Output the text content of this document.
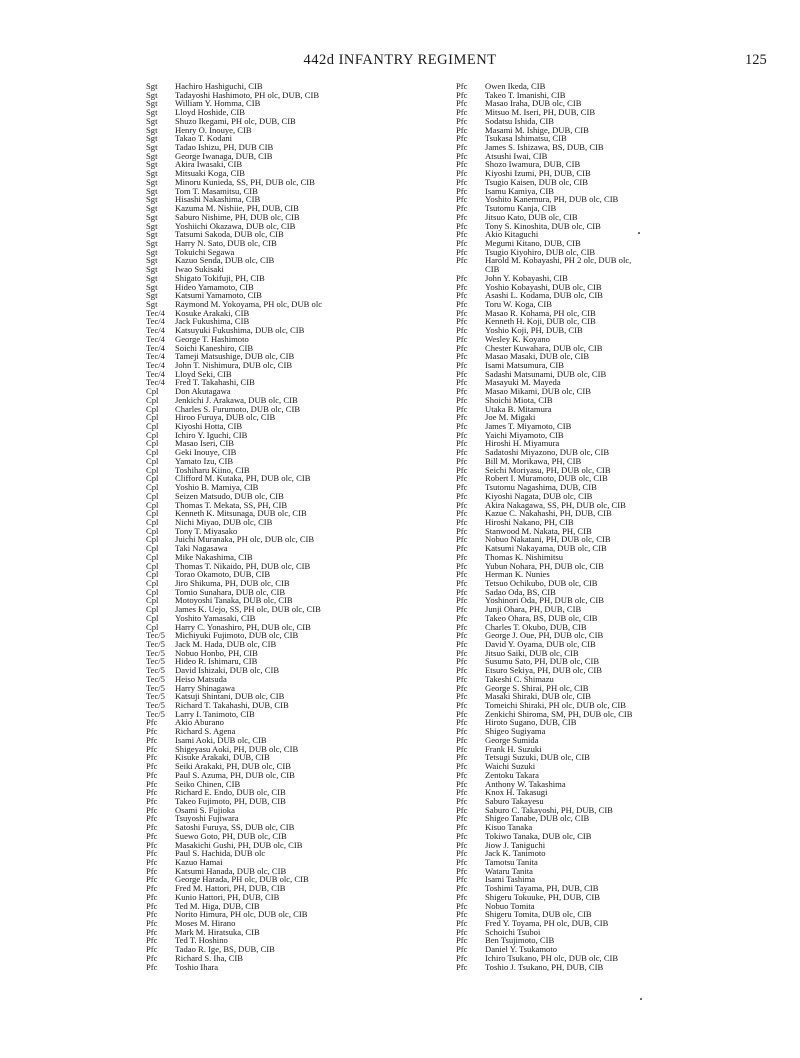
442d INFANTRY REGIMENT	125
Sgt	Hachiro Hashiguchi, CIB
Sgt	Tadayoshi Hashimoto, PH olc, DUB, CIB
Sgt	William Y. Homma, CIB
Sgt	Lloyd Hoshide, CIB
Sgt	Shuzo Ikegami, PH olc, DUB, CIB
Sgt	Henry O. Inouye, CIB
Sgt	Takao T. Kodani
Sgt	Tadao Ishizu, PH, DUB CIB
Sgt	George Iwanaga, DUB, CIB
Sgt	Akira Iwasaki, CIB
Sgt	Mitsuaki Koga, CIB
Sgt	Minoru Kunieda, SS, PH, DUB olc, CIB
Sgt	Tom T. Masamitsu, CIB
Sgt	Hisashi Nakashima, CIB
Sgt	Kazuma M. Nishiie, PH, DUB, CIB
Sgt	Saburo Nishime, PH, DUB olc, CIB
Sgt	Yoshiichi Okazawa, DUB olc, CIB
Sgt	Tatsumi Sakoda, DUB olc, CIB
Sgt	Harry N. Sato, DUB olc, CIB
Sgt	Tokuichi Segawa
Sgt	Kazuo Senda, DUB olc, CIB
Sgt	Iwao Sukisaki
Sgt	Shigato Tokifuji, PH, CIB
Sgt	Hideo Yamamoto, CIB
Sgt	Katsumi Yamamoto, CIB
Sgt	Raymond M. Yokoyama, PH olc, DUB olc
Tec/4	Kosuke Arakaki, CIB
Tec/4	Jack Fukushima, CIB
Tec/4	Katsuyuki Fukushima, DUB olc, CIB
Tec/4	George T. Hashimoto
Tec/4	Soichi Kaneshiro, CIB
Tec/4	Tameji Matsushige, DUB olc, CIB
Tec/4	John T. Nishimura, DUB olc, CIB
Tec/4	Lloyd Seki, CIB
Tec/4	Fred T. Takahashi, CIB
Cpl	Don Akutagawa
Cpl	Jenkichi J. Arakawa, DUB olc, CIB
Cpl	Charles S. Furumoto, DUB olc, CIB
Cpl	Hiroo Furuya, DUB olc, CIB
Cpl	Kiyoshi Hotta, CIB
Cpl	Ichiro Y. Iguchi, CIB
Cpl	Masao Iseri, CIB
Cpl	Geki Inouye, CIB
Cpl	Yamato Izu, CIB
Cpl	Toshiharu Kiino, CIB
Cpl	Clifford M. Kutaka, PH, DUB olc, CIB
Cpl	Yoshio B. Mamiya, CIB
Cpl	Seizen Matsudo, DUB olc, CIB
Cpl	Thomas T. Mekata, SS, PH, CIB
Cpl	Kenneth K. Mitsunaga, DUB olc, CIB
Cpl	Nichi Miyao, DUB olc, CIB
Cpl	Tony T. Miyasako
Cpl	Juichi Muranaka, PH olc, DUB olc, CIB
Cpl	Taki Nagasawa
Cpl	Mike Nakashima, CIB
Cpl	Thomas T. Nikaido, PH, DUB olc, CIB
Cpl	Torao Okamoto, DUB, CIB
Cpl	Jiro Shikuma, PH, DUB olc, CIB
Cpl	Tomio Sunahara, DUB olc, CIB
Cpl	Motoyoshi Tanaka, DUB olc, CIB
Cpl	James K. Uejo, SS, PH olc, DUB olc, CIB
Cpl	Yoshito Yamasaki, CIB
Cpl	Harry C. Yonashiro, PH, DUB olc, CIB
Tec/5	Michiyuki Fujimoto, DUB olc, CIB
Tec/5	Jack M. Hada, DUB olc, CIB
Tec/5	Nobuo Honbo, PH, CIB
Tec/5	Hideo R. Ishimaru, CIB
Tec/5	David Ishizaki, DUB olc, CIB
Tec/5	Heiso Matsuda
Tec/5	Harry Shinagawa
Tec/5	Katsuji Shintani, DUB olc, CIB
Tec/5	Richard T. Takahashi, DUB, CIB
Tec/5	Larry I. Tanimoto, CIB
Pfc	Akio Aburano
Pfc	Richard S. Agena
Pfc	Isami Aoki, DUB olc, CIB
Pfc	Shigeyasu Aoki, PH, DUB olc, CIB
Pfc	Kisuke Arakaki, DUB, CIB
Pfc	Seiki Arakaki, PH, DUB olc, CIB
Pfc	Paul S. Azuma, PH, DUB olc, CIB
Pfc	Seiko Chinen, CIB
Pfc	Richard E. Endo, DUB olc, CIB
Pfc	Takeo Fujimoto, PH, DUB, CIB
Pfc	Osami S. Fujioka
Pfc	Tsuyoshi Fujiwara
Pfc	Satoshi Furuya, SS, DUB olc, CIB
Pfc	Suewo Goto, PH, DUB olc, CIB
Pfc	Masakichi Gushi, PH, DUB olc, CIB
Pfc	Paul S. Hachida, DUB olc
Pfc	Kazuo Hamai
Pfc	Katsumi Hanada, DUB olc, CIB
Pfc	George Harada, PH olc, DUB olc, CIB
Pfc	Fred M. Hattori, PH, DUB, CIB
Pfc	Kunio Hattori, PH, DUB, CIB
Pfc	Ted M. Higa, DUB, CIB
Pfc	Norito Himura, PH olc, DUB olc, CIB
Pfc	Moses M. Hirano
Pfc	Mark M. Hiratsuka, CIB
Pfc	Ted T. Hoshino
Pfc	Tadao R. Ige, BS, DUB, CIB
Pfc	Richard S. Iha, CIB
Pfc	Toshio Ihara
Pfc	Owen Ikeda, CIB
Pfc	Takeo T. Imanishi, CIB
Pfc	Masao Iraha, DUB olc, CIB
Pfc	Mitsuo M. Iseri, PH, DUB, CIB
Pfc	Sodatsu Ishida, CIB
Pfc	Masami M. Ishige, DUB, CIB
Pfc	Tsukasa Ishimatsu, CIB
Pfc	James S. Ishizawa, BS, DUB, CIB
Pfc	Atsushi Iwai, CIB
Pfc	Shozo Iwamura, DUB, CIB
Pfc	Kiyoshi Izumi, PH, DUB, CIB
Pfc	Tsugio Kaisen, DUB olc, CIB
Pfc	Isamu Kamiya, CIB
Pfc	Yoshito Kanemura, PH, DUB olc, CIB
Pfc	Tsutomu Kanja, CIB
Pfc	Jitsuo Kato, DUB olc, CIB
Pfc	Tony S. Kinoshita, DUB olc, CIB
Pfc	Akio Kitaguchi
Pfc	Megumi Kitano, DUB, CIB
Pfc	Tsugio Kiyohiro, DUB olc, CIB
Pfc	Harold M. Kobayashi, PH 2 olc, DUB olc,
CIB
Pfc	John Y. Kobayashi, CIB
Pfc	Yoshio Kobayashi, DUB olc, CIB
Pfc	Asashi L. Kodama, DUB olc, CIB
Pfc	Toru W. Koga, CIB
Pfc	Masao R. Kohama, PH olc, CIB
Pfc	Kenneth H. Koji, DUB olc, CIB
Pfc	Yoshio Koji, PH, DUB, CIB
Pfc	Wesley K. Koyano
Pfc	Chester Kuwahara, DUB olc, CIB
Pfc	Masao Masaki, DUB olc, CIB
Pfc	Isami Matsumura, CIB
Pfc	Sadashi Matsunami, DUB olc, CIB
Pfc	Masayuki M. Mayeda
Pfc	Masao Mikami, DUB olc, CIB
Pfc	Shoichi Miota, CIB
Pfc	Utaka B. Mitamura
Pfc	Joe M. Migaki
Pfc	James T. Miyamoto, CIB
Pfc	Yaichi Miyamoto, CIB
Pfc	Hiroshi H. Miyamura
Pfc	Sadatoshi Miyazono, DUB olc, CIB
Pfc	Bill M. Morikawa, PH, CIB
Pfc	Seichi Moriyasu, PH, DUB olc, CIB
Pfc	Robert I. Muramoto, DUB olc, CIB
Pfc	Tsutomu Nagashima, DUB, CIB
Pfc	Kiyoshi Nagata, DUB olc, CIB
Pfc	Akira Nakagawa, SS, PH, DUB olc, CIB
Pfc	Kazue C. Nakahashi, PH, DUB, CIB
Pfc	Hiroshi Nakano, PH, CIB
Pfc	Stanwood M. Nakata, PH, CIB
Pfc	Nobuo Nakatani, PH, DUB olc, CIB
Pfc	Katsumi Nakayama, DUB olc, CIB
Pfc	Thomas K. Nishimitsu
Pfc	Yubun Nohara, PH, DUB olc, CIB
Pfc	Herman K. Nunies
Pfc	Tetsuo Ochikubo, DUB olc, CIB
Pfc	Sadao Oda, BS, CIB
Pfc	Yoshinori Oda, PH, DUB olc, CIB
Pfc	Junji Ohara, PH, DUB, CIB
Pfc	Takeo Ohara, BS, DUB olc, CIB
Pfc	Charles T. Okubo, DUB, CIB
Pfc	George J. Oue, PH, DUB olc, CIB
Pfc	David Y. Oyama, DUB olc, CIB
Pfc	Jitsuo Saiki, DUB olc, CIB
Pfc	Susumu Sato, PH, DUB olc, CIB
Pfc	Etsuro Sekiya, PH, DUB olc, CIB
Pfc	Takeshi C. Shimazu
Pfc	George S. Shirai, PH olc, CIB
Pfc	Masaki Shiraki, DUB olc, CIB
Pfc	Tomeichi Shiraki, PH olc, DUB olc, CIB
Pfc	Zenkichi Shiroma, SM, PH, DUB olc, CIB
Pfc	Hiroto Sugano, DUB, CIB
Pfc	Shigeo Sugiyama
Pfc	George Sumida
Pfc	Frank H. Suzuki
Pfc	Tetsugi Suzuki, DUB olc, CIB
Pfc	Waichi Suzuki
Pfc	Zentoku Takara
Pfc	Anthony W. Takashima
Pfc	Knox H. Takasugi
Pfc	Saburo Takayesu
Pfc	Saburo C. Takayoshi, PH, DUB, CIB
Pfc	Shigeo Tanabe, DUB olc, CIB
Pfc	Kisuo Tanaka
Pfc	Tokiwo Tanaka, DUB olc, CIB
Pfc	Jiow J. Taniguchi
Pfc	Jack K. Tanimoto
Pfc	Tamotsu Tanita
Pfc	Wataru Tanita
Pfc	Isami Tashima
Pfc	Toshimi Tayama, PH, DUB, CIB
Pfc	Shigeru Tokuuke, PH, DUB, CIB
Pfc	Nobuo Tomita
Pfc	Shigeru Tomita, DUB olc, CIB
Pfc	Fred Y. Toyama, PH olc, DUB, CIB
Pfc	Schoichi Tsuboi
Pfc	Ben Tsujimoto, CIB
Pfc	Daniel Y. Tsukamoto
Pfc	Ichiro Tsukano, PH olc, DUB olc, CIB
Pfc	Toshio J. Tsukano, PH, DUB, CIB
